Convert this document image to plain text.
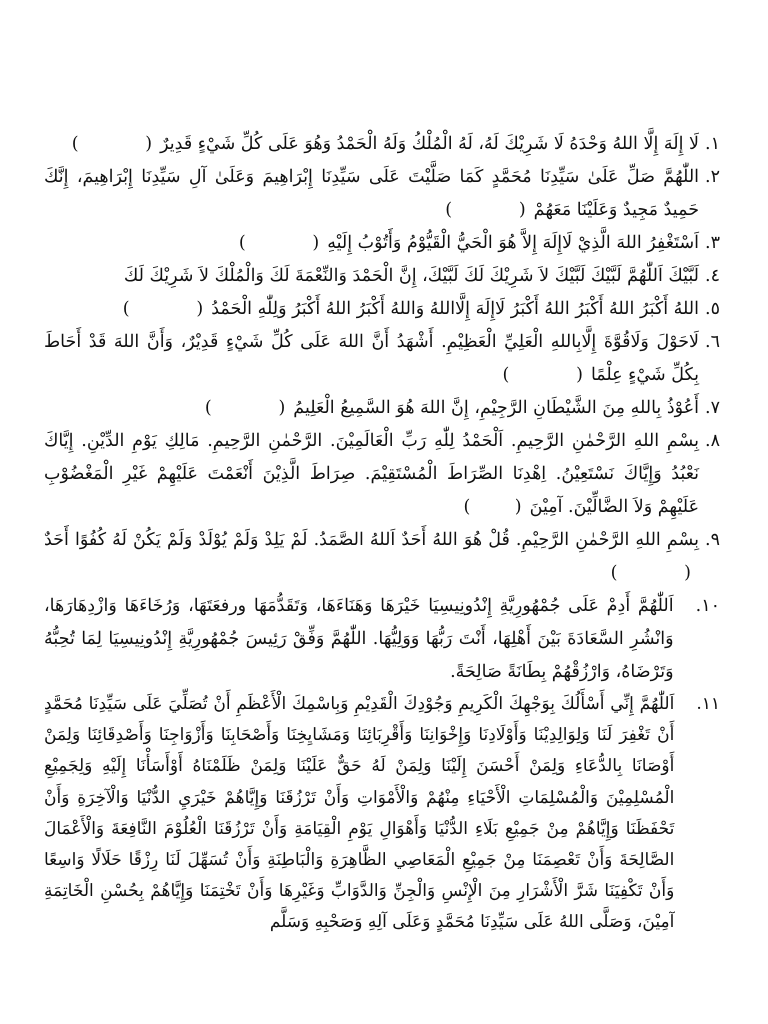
١.
لَا إِلَهَ إِلَّا اللهُ وَحْدَهُ لَا شَرِيْكَ لَهُ، لَهُ الْمُلْكُ وَلَهُ الْحَمْدُ وَهُوَ عَلَى كُلِّ شَيْءٍ قَدِيرٌ(            )
٢.
اللّٰهُمَّ صَلِّ عَلَىٰ سَيِّدِنَا مُحَمَّدٍ كَمَا صَلَّيْتَ عَلَى سَيِّدِنَا إِبْرَاهِيمَ وَعَلَىٰ آلِ سَيِّدِنَا إِبْرَاهِيمَ، إِنَّكَ حَمِيدٌ مَجِيدٌ وَعَلَيْنَا مَعَهُمْ(            )
٣.
اَسْتَغْفِرُ اللهَ الَّذِيْ لَاإِلَهَ إِلاَّ هُوَ الْحَيُّ الْقَيُّوْمُ وَأَتُوْبُ إِلَيْهِ(            )
٤.
لَبَّيْكَ اَللّٰهُمَّ لَبَّيْكَ لَبَّيْكَ لاَ شَرِيْكَ لَكَ لَبَّيْكَ، إِنَّ الْحَمْدَ وَالنِّعْمَةَ لَكَ وَالْمُلْكَ لاَ شَرِيْكَ لَكَ
٥.
اللهُ أَكْبَرُ اللهُ أَكْبَرُ اللهُ أَكْبَرُ لَاإِلَهَ إِلَّااللهُ وَاللهُ أَكْبَرُ اللهُ أَكْبَرُ وَلِلّٰهِ الْحَمْدُ(            )
٦.
لَاحَوْلَ وَلَاقُوَّةَ إِلَّابِاللهِ الْعَلِيِّ الْعَظِيْمِ. أَشْهَدُ أَنَّ اللهَ عَلَى كُلِّ شَيْءٍ قَدِيْرٌ، وَأَنَّ اللهَ قَدْ أَحَاطَ بِكُلِّ شَيْءٍ عِلْمًا(            )
٧.
أَعُوْذُ بِاللهِ مِنَ الشَّيْطَانِ الرَّجِيْمِ، إِنَّ اللهَ هُوَ السَّمِيعُ الْعَلِيمُ(            )
٨.
بِسْمِ اللهِ الرَّحْمٰنِ الرَّحِيمِ. اَلْحَمْدُ لِلّٰهِ رَبِّ الْعَالَمِيْنَ. الرَّحْمٰنِ الرَّحِيمِ. مَالِكِ يَوْمِ الدِّيْنِ. إِيَّاكَ نَعْبُدُ وَإِيَّاكَ نَسْتَعِيْنُ. اِهْدِنَا الصِّرَاطَ الْمُسْتَقِيْمَ. صِرَاطَ الَّذِيْنَ أَنْعَمْتَ عَلَيْهِمْ غَيْرِ الْمَغْضُوْبِ عَلَيْهِمْ وَلاَ الضَّالِّيْنَ. آمِيْنَ(        )
٩.
بِسْمِ اللهِ الرَّحْمٰنِ الرَّحِيْمِ. قُلْ هُوَ اللهُ أَحَدٌ اَللهُ الصَّمَدُ. لَمْ يَلِدْ وَلَمْ يُوْلَدْ وَلَمْ يَكُنْ لَهُ كُفُوًا أَحَدٌ(            )
١٠.
اَللّٰهُمَّ أَدِمْ عَلَى جُمْهُورِيَّةِ إِنْدُونِيسِيَا خَيْرَهَا وَهَنَاءَهَا، وَتَقَدُّمَهَا ورفعَتَهَا، وَرُخَاءَهَا وَازْدِهَارَهَا، وَانْشُرِ السَّعَادَةَ بَيْنَ أَهْلِهَا، أَنْتَ رَبُّهَا وَوَلِيُّهَا. اللّٰهُمَّ وَفِّقْ رَئِيسَ جُمْهُورِيَّةِ إِنْدُونِيسِيَا لِمَا تُحِبُّهُ وَتَرْضَاهُ، وَارْزُقْهُمْ بِطَانَةً صَالِحَةً.
١١.
اَللّٰهُمَّ إِنِّي أَسْأَلُكَ بِوَجْهِكَ الْكَرِيمِ وَجُوْدِكَ الْقَدِيْمِ وَبِاسْمِكَ الْأَعْظَمِ أَنْ تُصَلِّيَ عَلَى سَيِّدِنَا مُحَمَّدٍ أَنْ تَغْفِرَ لَنَا وَلِوَالِدِيْنَا وَأَوْلَادِنَا وَإِخْوَانِنَا وَأَقْرِبَائِنَا وَمَشَايِخِنَا وَأَصْحَابِنَا وَأَزْوَاجِنَا وَأَصْدِقَائِنَا وَلِمَنْ أَوْصَانَا بِالدُّعَاءِ وَلِمَنْ أَحْسَنَ إِلَيْنَا وَلِمَنْ لَهُ حَقٌّ عَلَيْنَا وَلِمَنْ ظَلَمْنَاهُ أَوْأَسَأْنَا إِلَيْهِ وَلِجَمِيْعِ الْمُسْلِمِيْنَ وَالْمُسْلِمَاتِ الْأَحْيَاءِ مِنْهُمْ وَالْأَمْوَاتِ وَأَنْ تَرْزُقَنَا وَإِيَّاهُمْ خَيْرَيِ الدُّنْيَا وَالْآخِرَةِ وَأَنْ تَحْفَظَنَا وَإِيَّاهُمْ مِنْ جَمِيْعِ بَلَاءِ الدُّنْيَا وَأَهْوَالِ يَوْمِ الْقِيَامَةِ وَأَنْ تَرْزُقَنَا الْعُلُوْمَ النَّافِعَةَ وَالْأَعْمَالَ الصَّالِحَةَ وَأَنْ تَعْصِمَنَا مِنْ جَمِيْعِ الْمَعَاصِي الظَّاهِرَةِ وَالْبَاطِنَةِ وَأَنْ تُسَهِّلَ لَنَا رِزْقًا حَلَالًا وَاسِعًا وَأَنْ تَكْفِيَنَا شَرَّ الْأَشْرَارِ مِنَ الْإِنْسِ وَالْجِنِّ وَالدَّوَابِّ وَغَيْرِهَا وَأَنْ تَخْتِمَنَا وَإِيَّاهُمْ بِحُسْنِ الْخَاتِمَةِ آمِيْنَ، وَصَلَّى اللهُ عَلَى سَيِّدِنَا مُحَمَّدٍ وَعَلَى آلِهِ وَصَحْبِهِ وَسَلَّم
